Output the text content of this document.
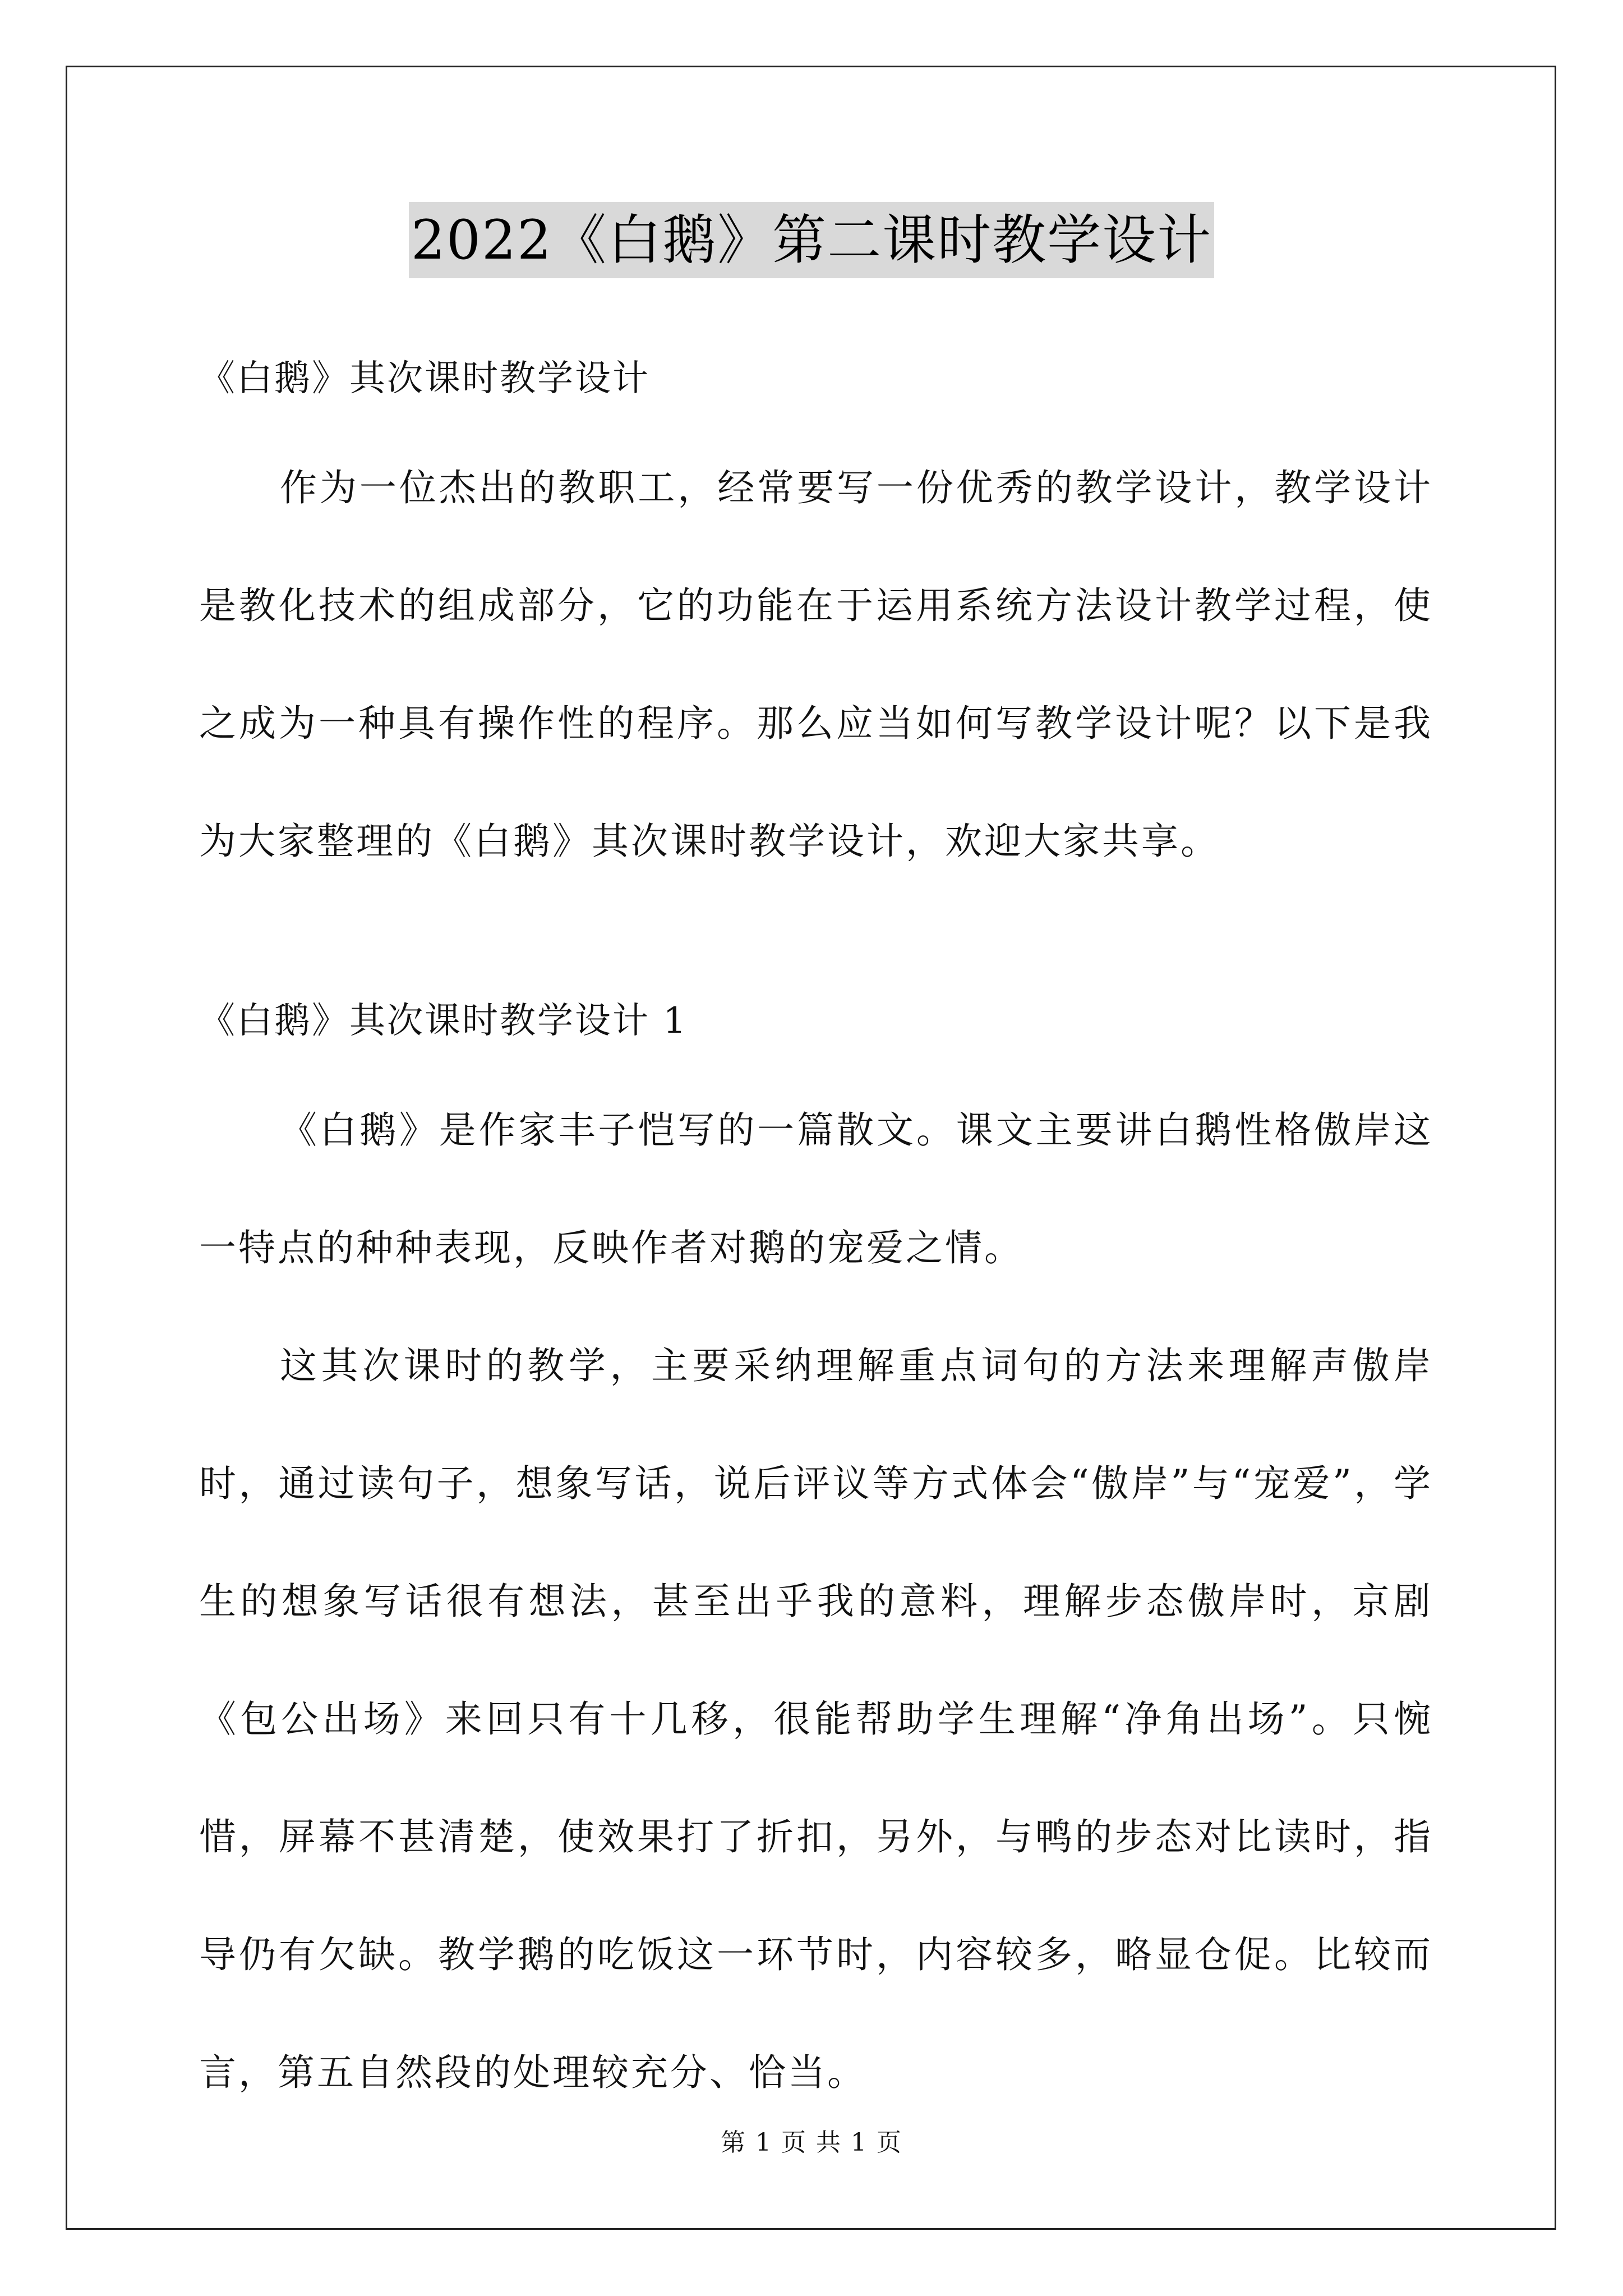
2022《白鹅》第二课时教学设计
《白鹅》其次课时教学设计

作为一位杰出的教职工，经常要写一份优秀的教学设计，教学设计是教化技术的组成部分，它的功能在于运用系统方法设计教学过程，使之成为一种具有操作性的程序。那么应当如何写教学设计呢？以下是我为大家整理的《白鹅》其次课时教学设计，欢迎大家共享。

《白鹅》其次课时教学设计 1

《白鹅》是作家丰子恺写的一篇散文。课文主要讲白鹅性格傲岸这一特点的种种表现，反映作者对鹅的宠爱之情。

这其次课时的教学，主要采纳理解重点词句的方法来理解声傲岸时，通过读句子，想象写话，说后评议等方式体会“傲岸”与“宠爱”，学生的想象写话很有想法，甚至出乎我的意料，理解步态傲岸时，京剧《包公出场》来回只有十几移，很能帮助学生理解“净角出场”。只惋惜，屏幕不甚清楚，使效果打了折扣，另外，与鸭的步态对比读时，指导仍有欠缺。教学鹅的吃饭这一环节时，内容较多，略显仓促。比较而言，第五自然段的处理较充分、恰当。

第 1 页 共 1 页
